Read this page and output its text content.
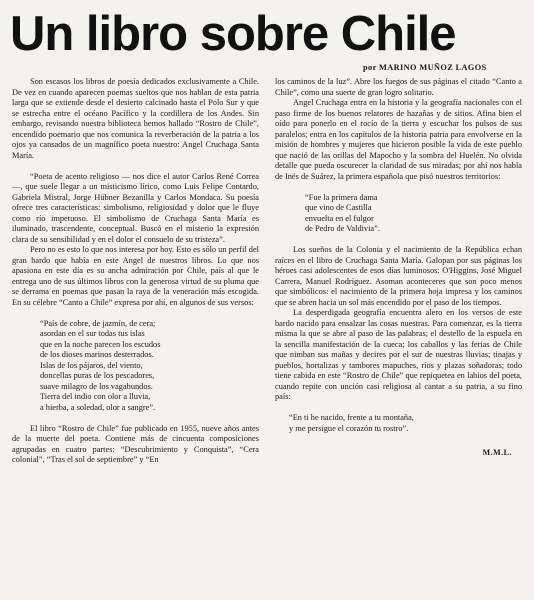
Un libro sobre Chile
por MARINO MUÑOZ LAGOS

Son escasos los libros de poesía dedicados exclusivamente a Chile. De vez en cuando aparecen poemas sueltos que nos hablan de esta patria larga que se extiende desde el desierto calcinado hasta el Polo Sur y que se estrecha entre el océano Pacífico y la cordillera de los Andes. Sin embargo, revisando nuestra biblioteca hemos hallado “Rostro de Chile”, encendido poemario que nos comunica la reverberación de la patria a los ojos ya cansados de un magnífico poeta nuestro: Angel Cruchaga Santa María.

“Poeta de acento religioso — nos dice el autor Carlos René Correa—, que suele llegar a un misticismo lírico, como Luis Felipe Contardo, Gabriela Mistral, Jorge Hübner Bezanilla y Carlos Mondaca. Su poesía ofrece tres características: simbolismo, religiosidad y dolor que le fluye como río impetuoso. El simbolismo de Cruchaga Santa María es iluminado, trascendente, conceptual. Buscó en el misterio la expresión clara de su sensibilidad y en el dolor el consuelo de su tristeza”.

Pero no es esto lo que nos interesa por hoy. Esto es sólo un perfil del gran bardo que había en este Angel de nuestros libros. Lo que nos apasiona en este día es su ancha admiración por Chile, país al que le entrega uno de sus últimos libros con la generosa virtud de su pluma que se derrama en poemas que pasan la raya de la veneración más escogida. En su célebre “Canto a Chile” expresa por ahí, en algunos de sus versos:

“País de cobre, de jazmín, de cera;
asordan en el sur todas tus islas
que en la noche parecen los escudos
de los dioses marinos desterrados.
Islas de los pájaros, del viento,
doncellas puras de los pescadores,
suave milagro de los vagabundos.
Tierra del indio con olor a lluvia,
a hierba, a soledad, olor a sangre”.

El libro “Rostro de Chile” fue publicado en 1955, nueve años antes de la muerte del poeta. Contiene más de cincuenta composiciones agrupadas en cuatro partes: “Descubrimiento y Conquista”, “Cera colonial”, “Tras el sol de septiembre” y “En

los caminos de la luz”. Abre los fuegos de sus páginas el citado “Canto a Chile”, como una suerte de gran logro solitario.

Angel Cruchaga entra en la historia y la geografía nacionales con el paso firme de los buenos relatores de hazañas y de sitios. Afina bien el oído para ponerlo en el rocío de la tierra y escuchar los pulsos de sus paralelos; entra en los capítulos de la historia patria para envolverse en la misión de hombres y mujeres que hicieron posible la vida de este pueblo que nació de las orillas del Mapocho y la sombra del Huelén. No olvida detalle que pueda oscurecer la claridad de sus miradas; por ahí nos habla de Inés de Suárez, la primera española que pisó nuestros territorios:

“Fue la primera dama
que vino de Castilla
envuelta en el fulgor
de Pedro de Valdivia”.

Los sueños de la Colonia y el nacimiento de la República echan raíces en el libro de Cruchaga Santa María. Galopan por sus páginas los héroes casi adolescentes de esos días luminosos: O'Higgins, José Miguel Carrera, Manuel Rodríguez. Asoman aconteceres que son poco menos que simbólicos: el nacimiento de la primera hoja impresa y los caminos que se abren hacia un sol más encendido por el paso de los tiempos.

La desperdigada geografía encuentra alero en los versos de este bardo nacido para ensalzar las cosas nuestras. Para comenzar, es la tierra misma la que se abre al paso de las palabras; el destello de la espuela en la sencilla manifestación de la cueca; los caballos y las ferias de Chile que nimban sus mañas y decires por el sur de nuestras lluvias; tinajas y pueblos, hortalizas y tambores mapuches, ríos y plazas soñadoras; todo tiene cabida en este “Rostro de Chile” que repiquetea en labios del poeta, cuando repite con unción casi religiosa al cantar a su patria, a su fino país:

“En ti he nacido, frente a tu montaña,
y me persigue el corazón tu rostro”.
M.M.L.
